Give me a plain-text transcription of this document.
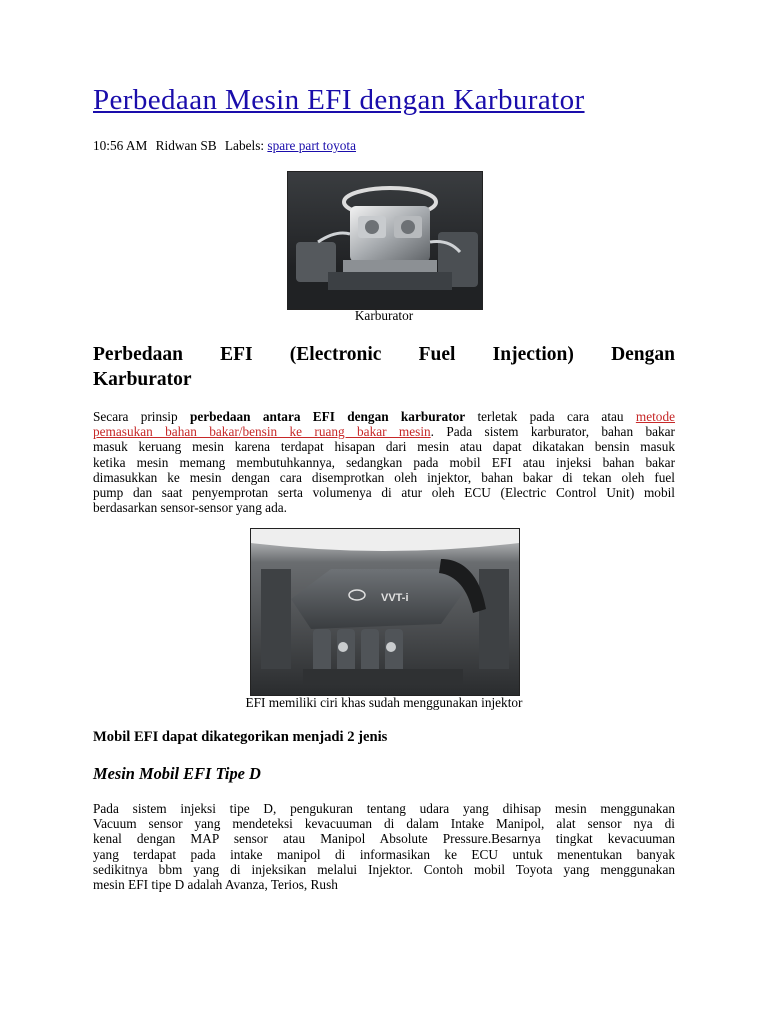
Perbedaan Mesin EFI dengan Karburator
10:56 AM Ridwan SB Labels: spare part toyota
Karburator
Perbedaan EFI (Electronic Fuel Injection) Dengan
Karburator
Secara prinsip perbedaan antara EFI dengan karburator terletak pada cara atau metode
pemasukan bahan bakar/bensin ke ruang bakar mesin. Pada sistem karburator, bahan bakar
masuk keruang mesin karena terdapat hisapan dari mesin atau dapat dikatakan bensin masuk
ketika mesin memang membutuhkannya, sedangkan pada mobil EFI atau injeksi bahan bakar
dimasukkan ke mesin dengan cara disemprotkan oleh injektor, bahan bakar di tekan oleh fuel
pump dan saat penyemprotan serta volumenya di atur oleh ECU (Electric Control Unit) mobil
berdasarkan sensor-sensor yang ada.
VVT-i
EFI memiliki ciri khas sudah menggunakan injektor
Mobil EFI dapat dikategorikan menjadi 2 jenis
Mesin Mobil EFI Tipe D
Pada sistem injeksi tipe D, pengukuran tentang udara yang dihisap mesin menggunakan
Vacuum sensor yang mendeteksi kevacuuman di dalam Intake Manipol, alat sensor nya di
kenal dengan MAP sensor atau Manipol Absolute Pressure.Besarnya tingkat kevacuuman
yang terdapat pada intake manipol di informasikan ke ECU untuk menentukan banyak
sedikitnya bbm yang di injeksikan melalui Injektor. Contoh mobil Toyota yang menggunakan
mesin EFI tipe D adalah Avanza, Terios, Rush
